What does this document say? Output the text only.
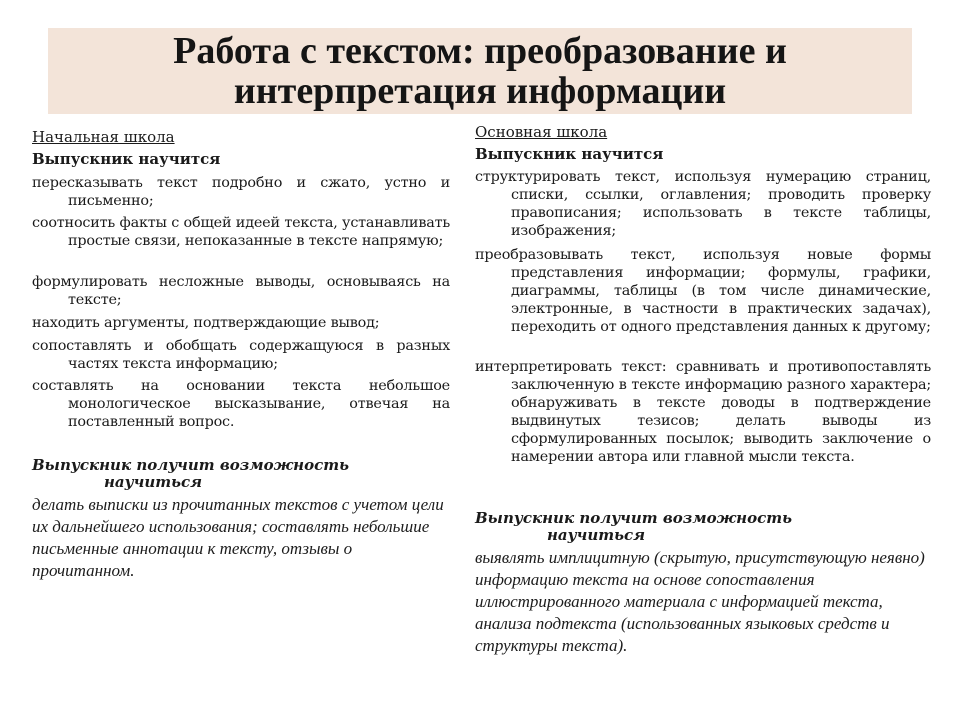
Работа с текстом: преобразование и
интерпретация информации
Начальная школа
Выпускник научится
пересказывать текст подробно и сжато, устно и письменно;
соотносить факты с общей идеей текста, устанавливать простые связи, непоказанные в тексте напрямую;
формулировать несложные выводы, основываясь на тексте;
находить аргументы, подтверждающие вывод;
сопоставлять и обобщать содержащуюся в разных частях текста информацию;
составлять на основании текста небольшое монологическое высказывание, отвечая на поставленный вопрос.
Выпускник получит возможность
научиться
делать выписки из прочитанных текстов с учетом цели их дальнейшего использования; составлять небольшие письменные аннотации к тексту, отзывы о прочитанном.
Основная школа
Выпускник научится
структурировать текст, используя нумерацию страниц, списки, ссылки, оглавления; проводить проверку правописания; использовать в тексте таблицы, изображения;
преобразовывать текст, используя новые формы представления информации; формулы, графики, диаграммы, таблицы (в том числе динамические, электронные, в частности в практических задачах), переходить от одного представления данных к другому;
интерпретировать текст: сравнивать и противопоставлять заключенную в тексте информацию разного характера; обнаруживать в тексте доводы в подтверждение выдвинутых тезисов; делать выводы из сформулированных посылок; выводить заключение о намерении автора или главной мысли текста.
Выпускник получит возможность
научиться
выявлять имплицитную (скрытую, присутствующую неявно) информацию текста на основе сопоставления иллюстрированного материала с информацией текста, анализа подтекста (использованных языковых средств и структуры текста).
